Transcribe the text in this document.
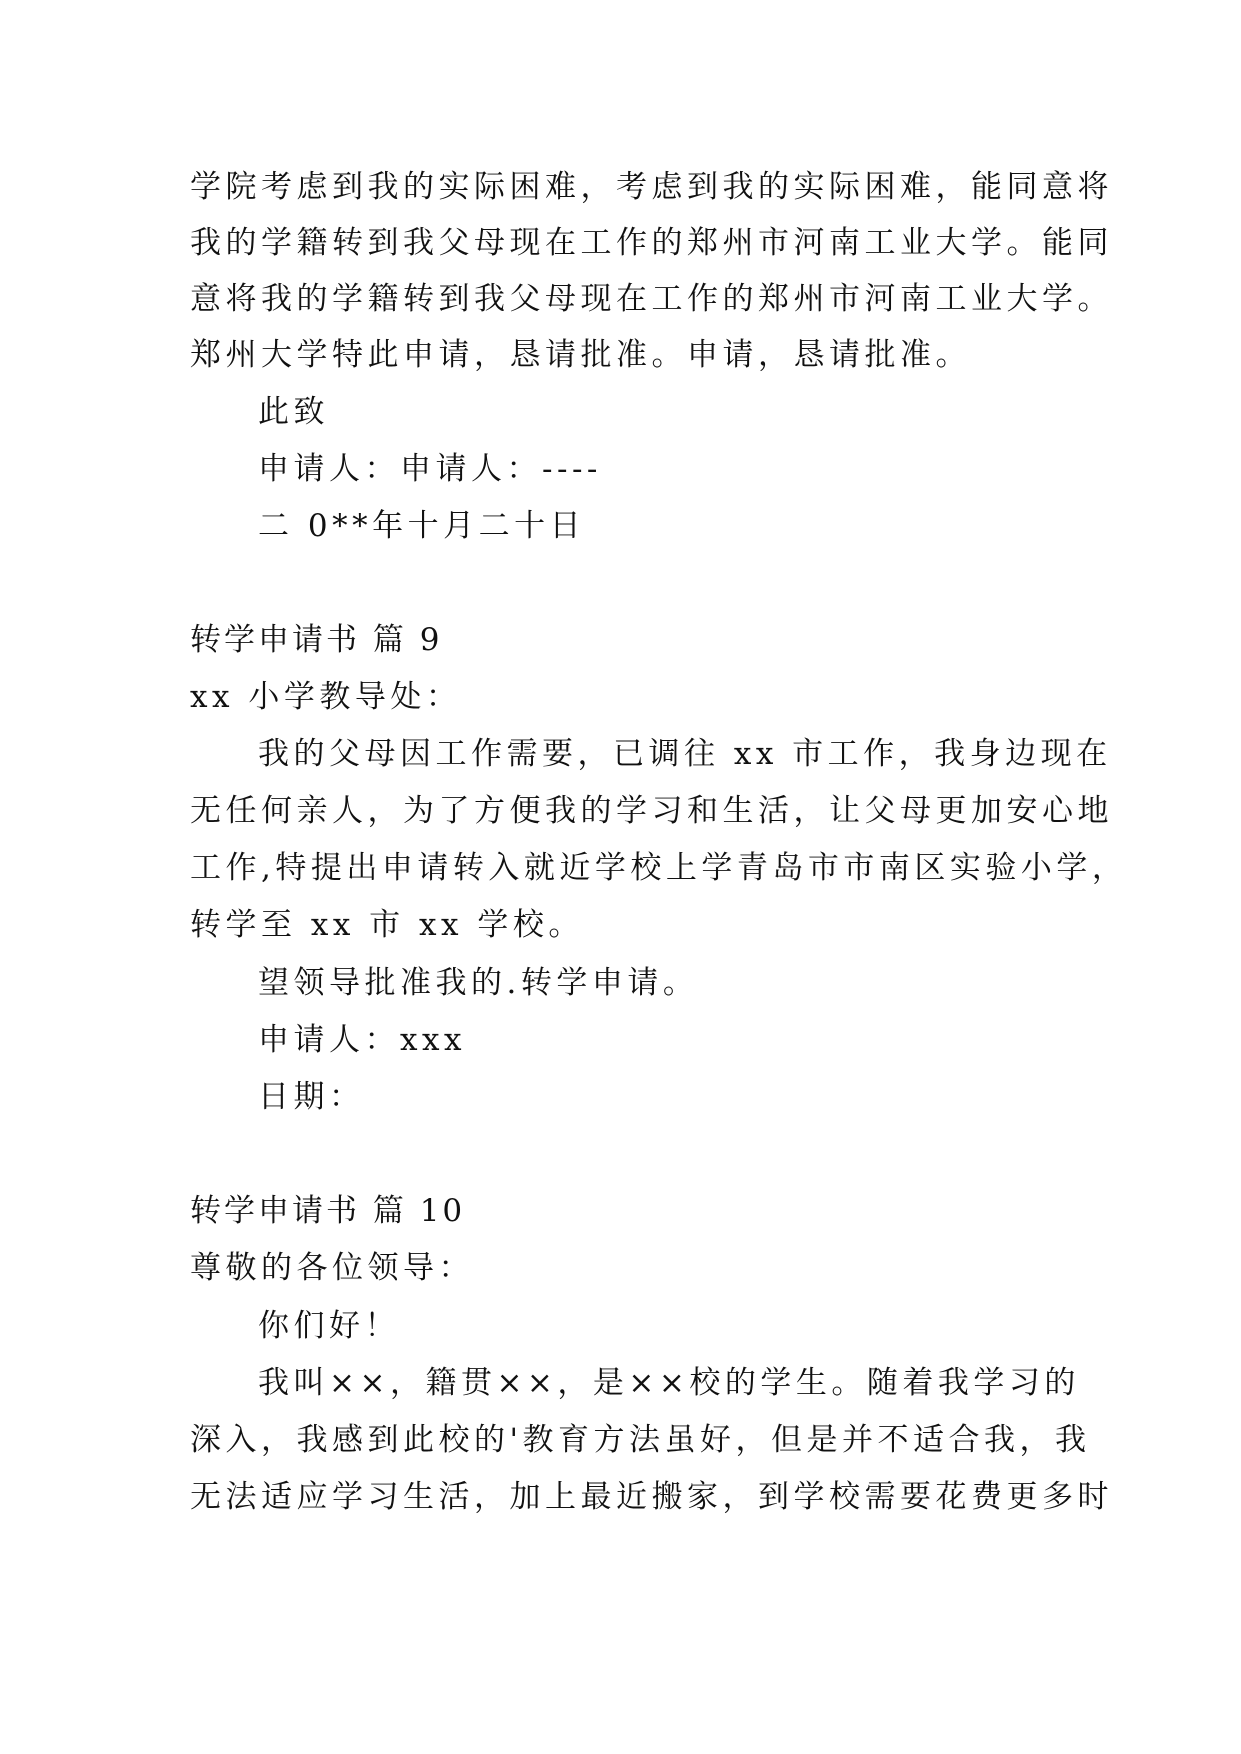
学院考虑到我的实际困难，考虑到我的实际困难，能同意将
我的学籍转到我父母现在工作的郑州市河南工业大学。能同
意将我的学籍转到我父母现在工作的郑州市河南工业大学。
郑州大学特此申请，恳请批准。申请，恳请批准。
此致
申请人：申请人：----
二 0**年十月二十日
转学申请书 篇 9
xx 小学教导处：
我的父母因工作需要，已调往 xx 市工作，我身边现在
无任何亲人，为了方便我的学习和生活，让父母更加安心地
工作,特提出申请转入就近学校上学青岛市市南区实验小学，
转学至 xx 市 xx 学校。
望领导批准我的.转学申请。
申请人：xxx
日期：
转学申请书 篇 10
尊敬的各位领导：
你们好！
我叫××，籍贯××，是××校的学生。随着我学习的
深入，我感到此校的'教育方法虽好，但是并不适合我，我
无法适应学习生活，加上最近搬家，到学校需要花费更多时
